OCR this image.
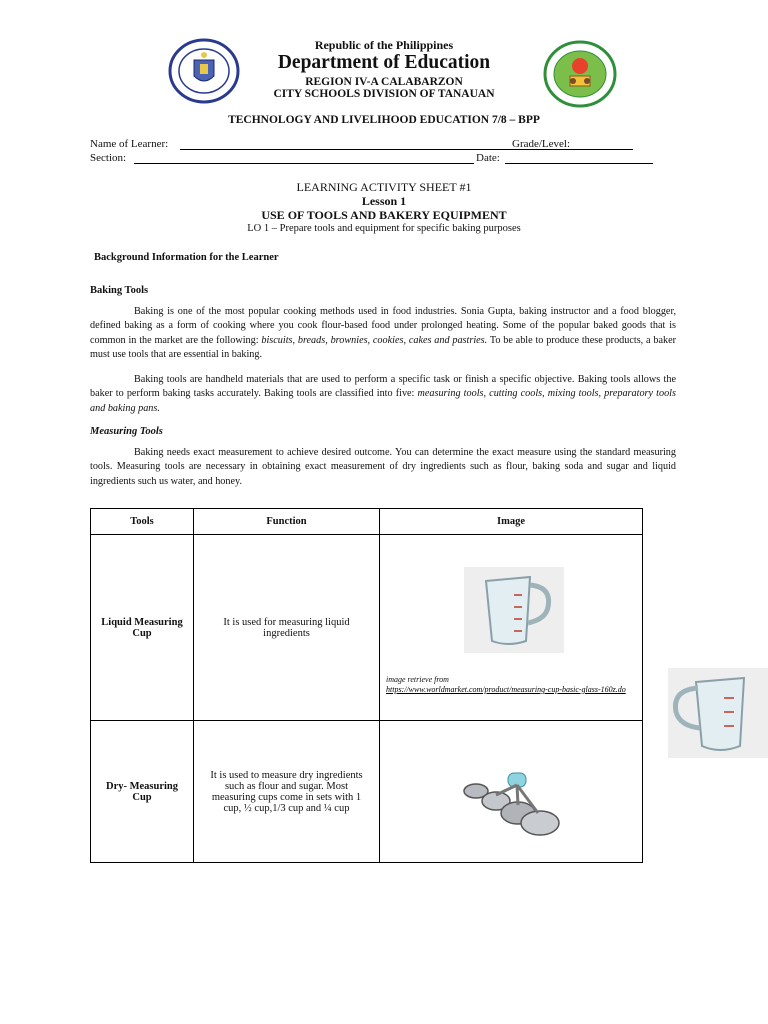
Republic of the Philippines
Department of Education
REGION IV-A CALABARZON
CITY SCHOOLS DIVISION OF TANAUAN
TECHNOLOGY AND LIVELIHOOD EDUCATION 7/8 – BPP
Name of Learner:	Grade/Level:
Section:	Date:
LEARNING ACTIVITY SHEET #1
Lesson 1
USE OF TOOLS AND BAKERY EQUIPMENT
LO 1 – Prepare tools and equipment for specific baking purposes
Background Information for the Learner
Baking Tools
Baking is one of the most popular cooking methods used in food industries. Sonia Gupta, baking instructor and a food blogger, defined baking as a form of cooking where you cook flour-based food under prolonged heating. Some of the popular baked goods that is common in the market are the following: biscuits, breads, brownies, cookies, cakes and pastries. To be able to produce these products, a baker must use tools that are essential in baking.
Baking tools are handheld materials that are used to perform a specific task or finish a specific objective. Baking tools allows the baker to perform baking tasks accurately. Baking tools are classified into five: measuring tools, cutting cools, mixing tools, preparatory tools and baking pans.
Measuring Tools
Baking needs exact measurement to achieve desired outcome. You can determine the exact measure using the standard measuring tools. Measuring tools are necessary in obtaining exact measurement of dry ingredients such as flour, baking soda and sugar and liquid ingredients such us water, and honey.
Tools	Function	Image
Liquid Measuring Cup	It is used for measuring liquid ingredients	image retrieve from
https://www.worldmarket.com/product/measuring-cup-basic-glass-160z.do

Dry- Measuring Cup	It is used to measure dry ingredients such as flour and sugar. Most measuring cups come in sets with 1 cup, ½ cup,1/3 cup and ¼ cup	
